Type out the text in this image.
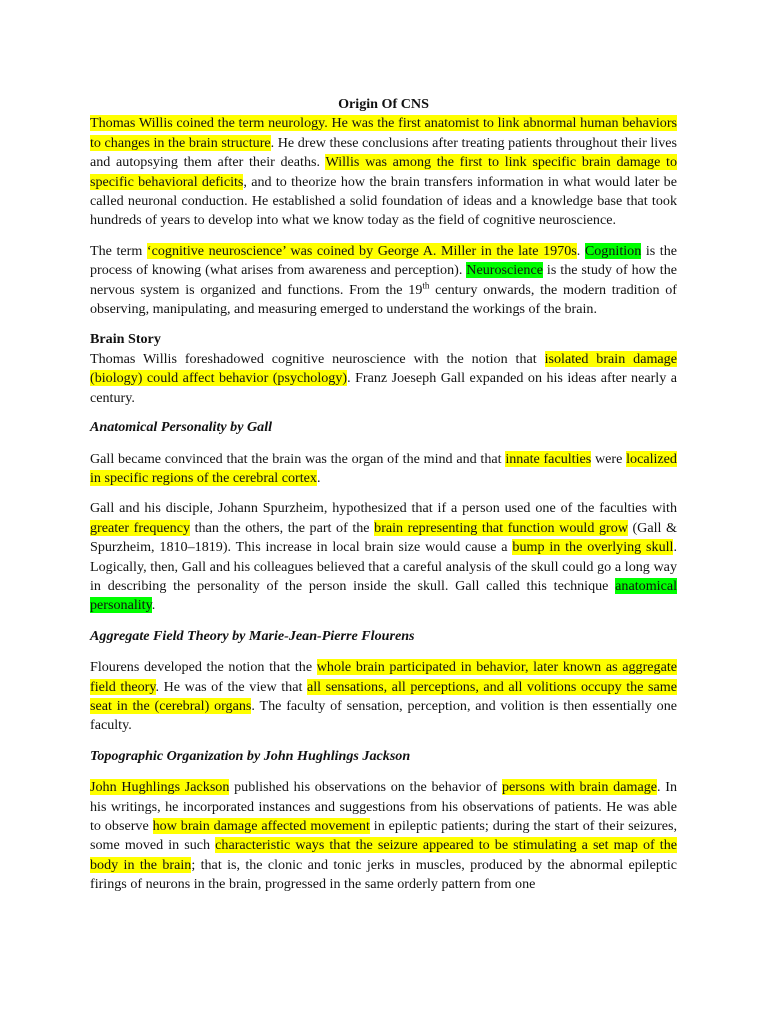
Origin Of CNS

Thomas Willis coined the term neurology. He was the first anatomist to link abnormal human behaviors to changes in the brain structure. He drew these conclusions after treating patients throughout their lives and autopsying them after their deaths. Willis was among the first to link specific brain damage to specific behavioral deficits, and to theorize how the brain transfers information in what would later be called neuronal conduction. He established a solid foundation of ideas and a knowledge base that took hundreds of years to develop into what we know today as the field of cognitive neuroscience.

The term ‘cognitive neuroscience’ was coined by George A. Miller in the late 1970s. Cognition is the process of knowing (what arises from awareness and perception). Neuroscience is the study of how the nervous system is organized and functions. From the 19th century onwards, the modern tradition of observing, manipulating, and measuring emerged to understand the workings of the brain.

Brain Story

Thomas Willis foreshadowed cognitive neuroscience with the notion that isolated brain damage (biology) could affect behavior (psychology). Franz Joeseph Gall expanded on his ideas after nearly a century.

Anatomical Personality by Gall

Gall became convinced that the brain was the organ of the mind and that innate faculties were localized in specific regions of the cerebral cortex.

Gall and his disciple, Johann Spurzheim, hypothesized that if a person used one of the faculties with greater frequency than the others, the part of the brain representing that function would grow (Gall & Spurzheim, 1810–1819). This increase in local brain size would cause a bump in the overlying skull. Logically, then, Gall and his colleagues believed that a careful analysis of the skull could go a long way in describing the personality of the person inside the skull. Gall called this technique anatomical personality.

Aggregate Field Theory by Marie-Jean-Pierre Flourens

Flourens developed the notion that the whole brain participated in behavior, later known as aggregate field theory. He was of the view that all sensations, all perceptions, and all volitions occupy the same seat in the (cerebral) organs. The faculty of sensation, perception, and volition is then essentially one faculty.

Topographic Organization by John Hughlings Jackson

John Hughlings Jackson published his observations on the behavior of persons with brain damage. In his writings, he incorporated instances and suggestions from his observations of patients. He was able to observe how brain damage affected movement in epileptic patients; during the start of their seizures, some moved in such characteristic ways that the seizure appeared to be stimulating a set map of the body in the brain; that is, the clonic and tonic jerks in muscles, produced by the abnormal epileptic firings of neurons in the brain, progressed in the same orderly pattern from one
